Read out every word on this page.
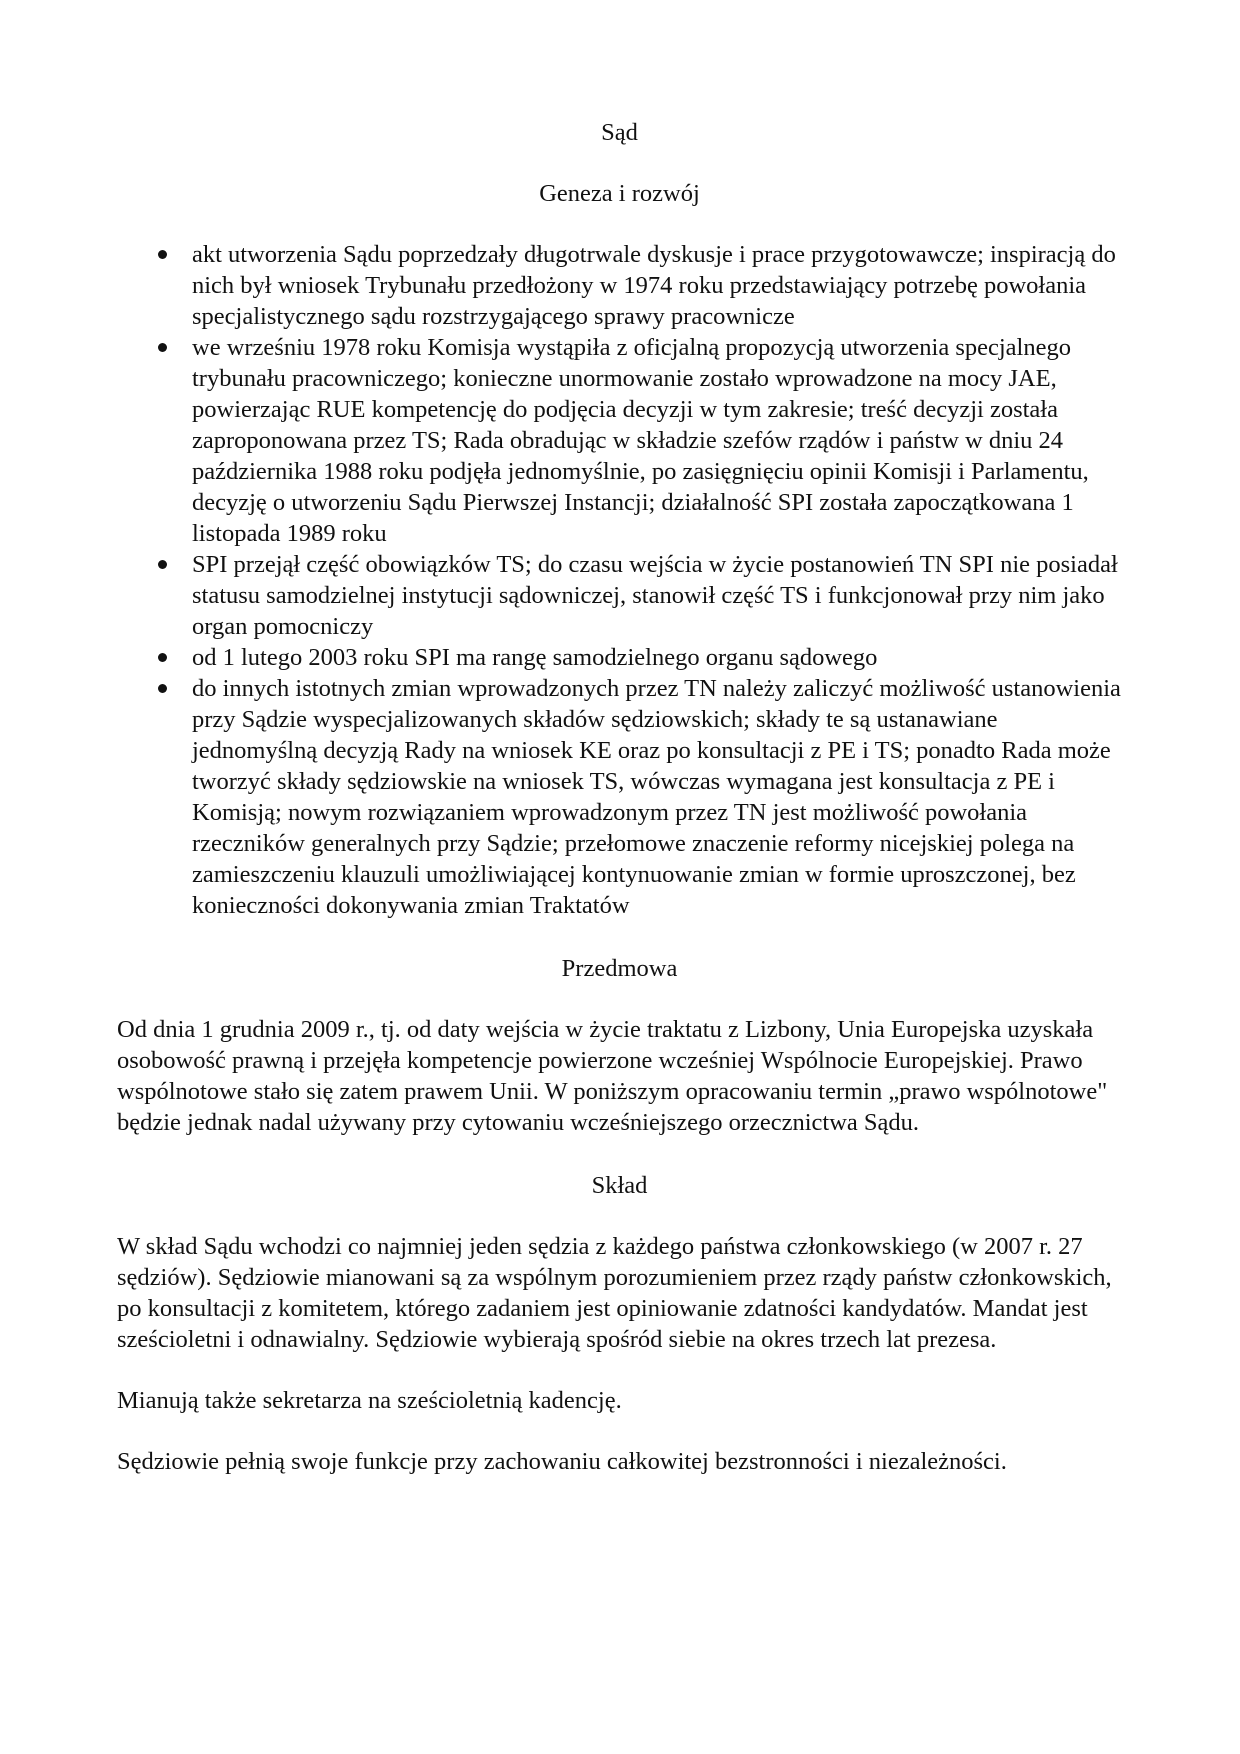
Sąd

Geneza i rozwój

akt utworzenia Sądu poprzedzały długotrwale dyskusje i prace przygotowawcze; inspiracją do nich był wniosek Trybunału przedłożony w 1974 roku przedstawiający potrzebę powołania specjalistycznego sądu rozstrzygającego sprawy pracownicze
we wrześniu 1978 roku Komisja wystąpiła z oficjalną propozycją utworzenia specjalnego trybunału pracowniczego; konieczne unormowanie zostało wprowadzone na mocy JAE, powierzając RUE kompetencję do podjęcia decyzji w tym zakresie; treść decyzji została zaproponowana przez TS; Rada obradując w składzie szefów rządów i państw w dniu 24 października 1988 roku podjęła jednomyślnie, po zasięgnięciu opinii Komisji i Parlamentu, decyzję o utworzeniu Sądu Pierwszej Instancji; działalność SPI została zapoczątkowana 1 listopada 1989 roku
SPI przejął część obowiązków TS; do czasu wejścia w życie postanowień TN SPI nie posiadał statusu samodzielnej instytucji sądowniczej, stanowił część TS i funkcjonował przy nim jako organ pomocniczy
od 1 lutego 2003 roku SPI ma rangę samodzielnego organu sądowego
do innych istotnych zmian wprowadzonych przez TN należy zaliczyć możliwość ustanowienia przy Sądzie wyspecjalizowanych składów sędziowskich; składy te są ustanawiane jednomyślną decyzją Rady na wniosek KE oraz po konsultacji z PE i TS; ponadto Rada może tworzyć składy sędziowskie na wniosek TS, wówczas wymagana jest konsultacja z PE i Komisją; nowym rozwiązaniem wprowadzonym przez TN jest możliwość powołania rzeczników generalnych przy Sądzie; przełomowe znaczenie reformy nicejskiej polega na zamieszczeniu klauzuli umożliwiającej kontynuowanie zmian w formie uproszczonej, bez konieczności dokonywania zmian Traktatów

Przedmowa

Od dnia 1 grudnia 2009 r., tj. od daty wejścia w życie traktatu z Lizbony, Unia Europejska uzyskała osobowość prawną i przejęła kompetencje powierzone wcześniej Wspólnocie Europejskiej. Prawo wspólnotowe stało się zatem prawem Unii. W poniższym opracowaniu termin „prawo wspólnotowe" będzie jednak nadal używany przy cytowaniu wcześniejszego orzecznictwa Sądu.

Skład

W skład Sądu wchodzi co najmniej jeden sędzia z każdego państwa członkowskiego (w 2007 r. 27 sędziów). Sędziowie mianowani są za wspólnym porozumieniem przez rządy państw członkowskich, po konsultacji z komitetem, którego zadaniem jest opiniowanie zdatności kandydatów. Mandat jest sześcioletni i odnawialny. Sędziowie wybierają spośród siebie na okres trzech lat prezesa.

Mianują także sekretarza na sześcioletnią kadencję.

Sędziowie pełnią swoje funkcje przy zachowaniu całkowitej bezstronności i niezależności.
